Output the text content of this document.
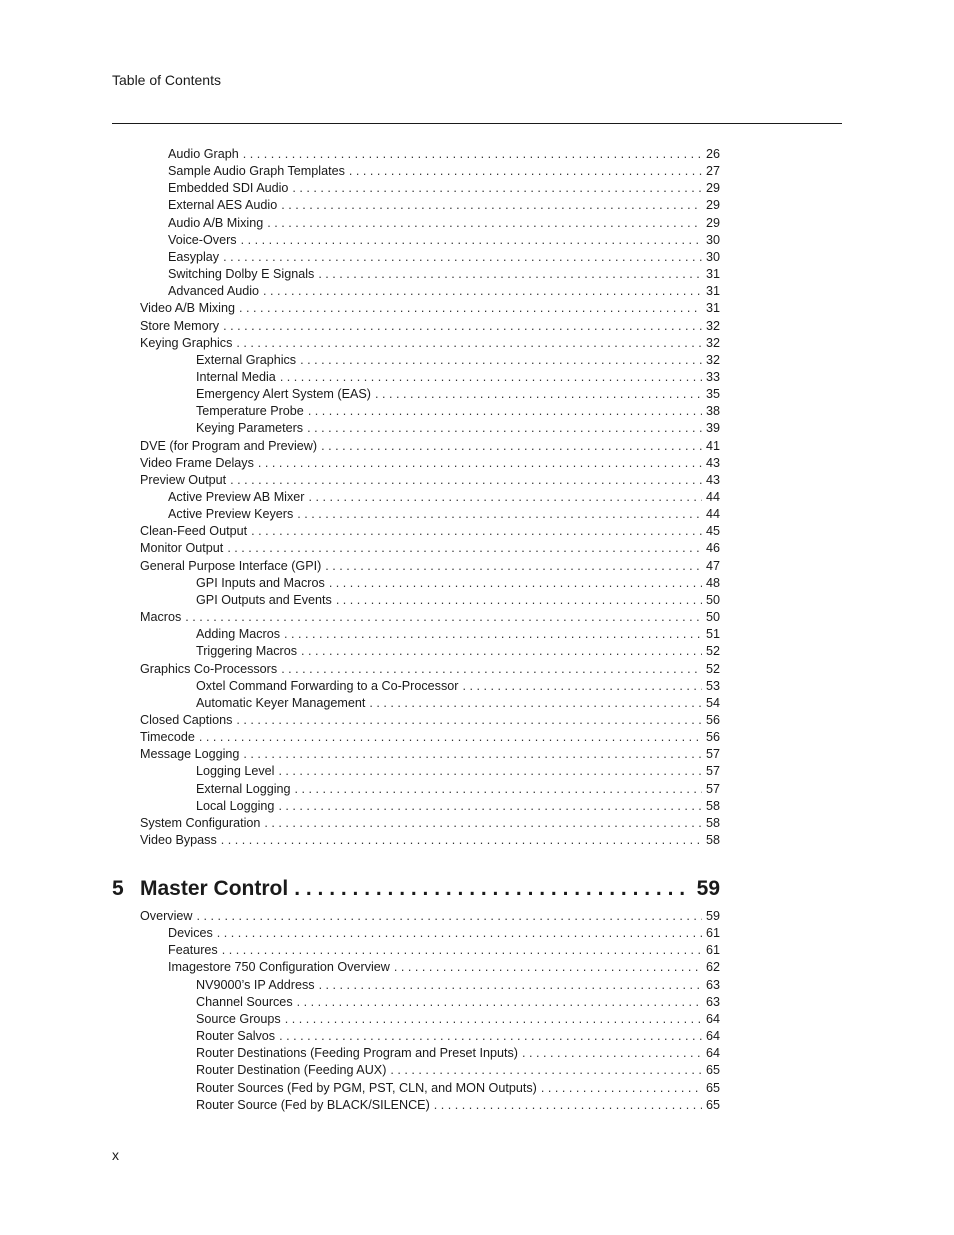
Table of Contents
Audio Graph . . .	26
Sample Audio Graph Templates . . .	27
Embedded SDI Audio . . .	29
External AES Audio . . .	29
Audio A/B Mixing . . .	29
Voice-Overs . . .	30
Easyplay . . .	30
Switching Dolby E Signals . . .	31
Advanced Audio . . .	31
Video A/B Mixing . . .	31
Store Memory . . .	32
Keying Graphics . . .	32
External Graphics . . .	32
Internal Media . . .	33
Emergency Alert System (EAS) . . .	35
Temperature Probe . . .	38
Keying Parameters . . .	39
DVE (for Program and Preview) . . .	41
Video Frame Delays . . .	43
Preview Output . . .	43
Active Preview AB Mixer . . .	44
Active Preview Keyers . . .	44
Clean-Feed Output . . .	45
Monitor Output . . .	46
General Purpose Interface (GPI) . . .	47
GPI Inputs and Macros . . .	48
GPI Outputs and Events . . .	50
Macros . . .	50
Adding Macros . . .	51
Triggering Macros . . .	52
Graphics Co-Processors . . .	52
Oxtel Command Forwarding to a Co-Processor . . .	53
Automatic Keyer Management . . .	54
Closed Captions . . .	56
Timecode . . .	56
Message Logging . . .	57
Logging Level . . .	57
External Logging . . .	57
Local Logging . . .	58
System Configuration . . .	58
Video Bypass . . .	58
5 Master Control . . .	59
Overview . . .	59
Devices . . .	61
Features . . .	61
Imagestore 750 Configuration Overview . . .	62
NV9000’s IP Address . . .	63
Channel Sources . . .	63
Source Groups . . .	64
Router Salvos . . .	64
Router Destinations (Feeding Program and Preset Inputs) . . .	64
Router Destination (Feeding AUX) . . .	65
Router Sources (Fed by PGM, PST, CLN, and MON Outputs) . . .	65
Router Source (Fed by BLACK/SILENCE) . . .	65
x
